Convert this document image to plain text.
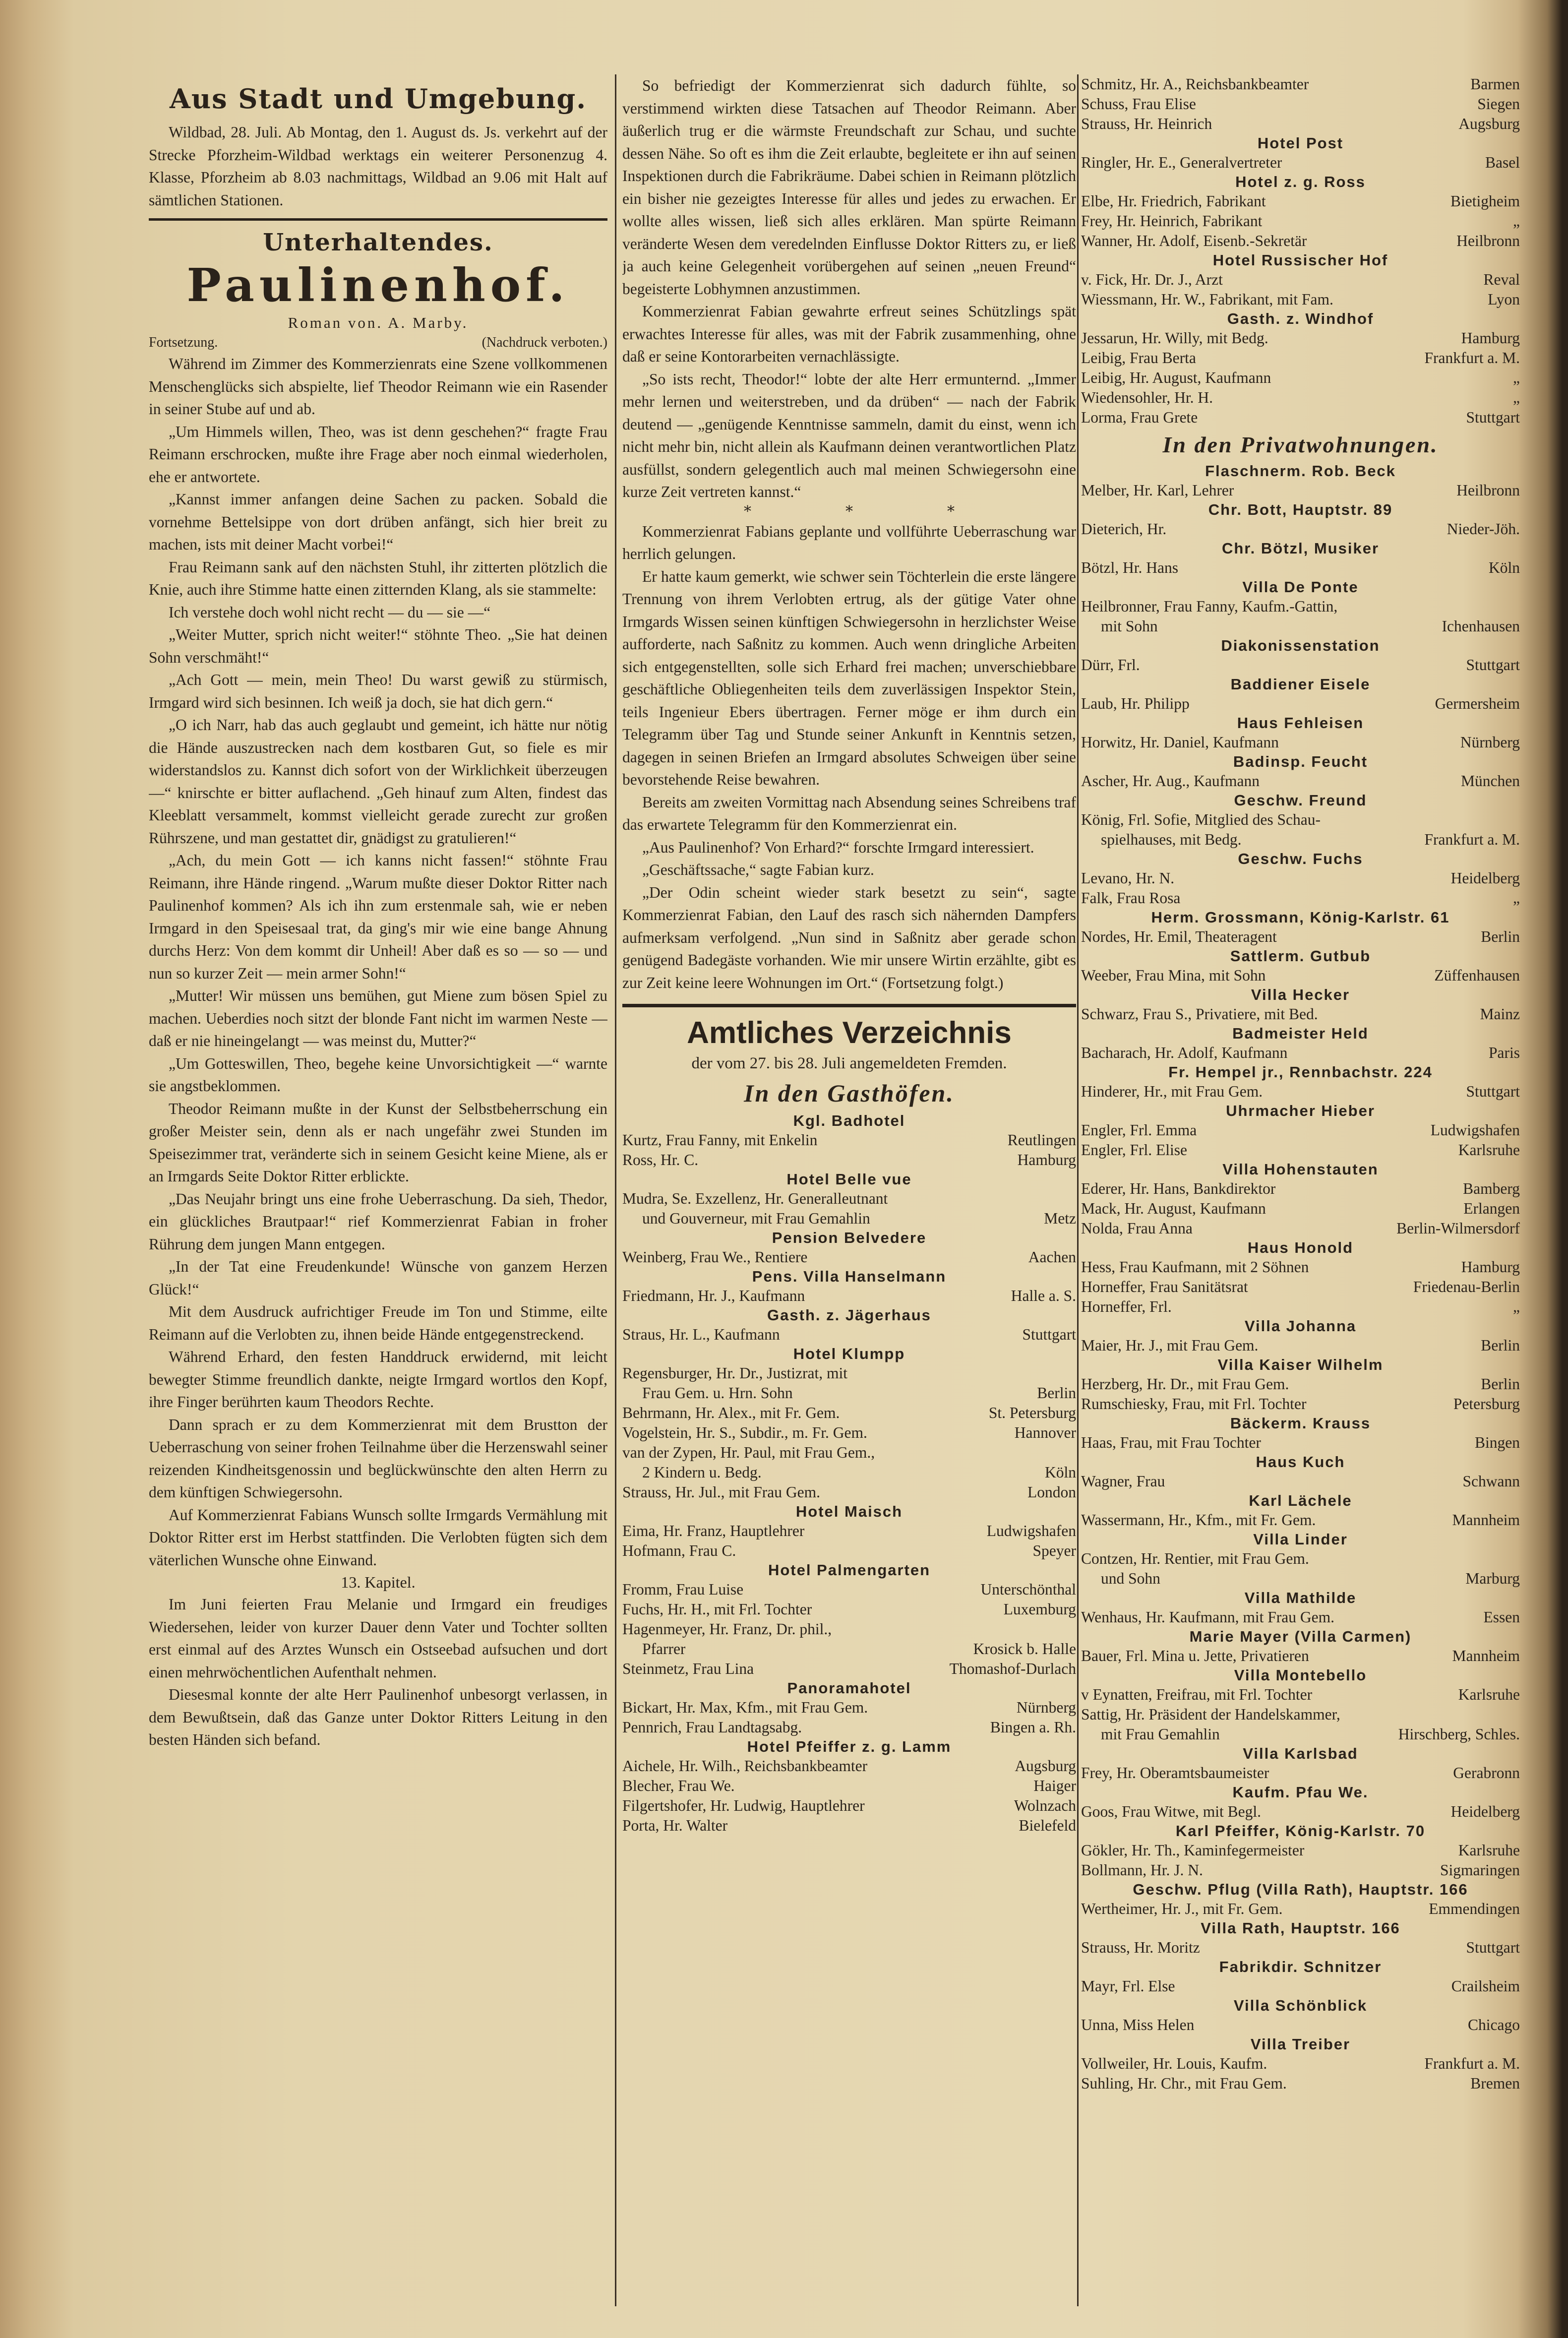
Aus Stadt und Umgebung.

Wildbad, 28. Juli. Ab Montag, den 1. August ds. Js. verkehrt auf der Strecke Pforzheim-Wildbad werktags ein weiterer Personenzug 4. Klasse, Pforzheim ab 8.03 nachmittags, Wildbad an 9.06 mit Halt auf sämtlichen Stationen.

Unterhaltendes.
Paulinenhof.
Roman von. A. Marby.
Fortsetzung.	(Nachdruck verboten.)

Während im Zimmer des Kommerzienrats eine Szene vollkommenen Menschenglücks sich abspielte, lief Theodor Reimann wie ein Rasender in seiner Stube auf und ab.

„Um Himmels willen, Theo, was ist denn geschehen?“ fragte Frau Reimann erschrocken, mußte ihre Frage aber noch einmal wiederholen, ehe er antwortete.

„Kannst immer anfangen deine Sachen zu packen. Sobald die vornehme Bettelsippe von dort drüben anfängt, sich hier breit zu machen, ists mit deiner Macht vorbei!“

Frau Reimann sank auf den nächsten Stuhl, ihr zitterten plötzlich die Knie, auch ihre Stimme hatte einen zitternden Klang, als sie stammelte:

Ich verstehe doch wohl nicht recht — du — sie —“

„Weiter Mutter, sprich nicht weiter!“ stöhnte Theo. „Sie hat deinen Sohn verschmäht!“

„Ach Gott — mein, mein Theo! Du warst gewiß zu stürmisch, Irmgard wird sich besinnen. Ich weiß ja doch, sie hat dich gern.“

„O ich Narr, hab das auch geglaubt und gemeint, ich hätte nur nötig die Hände auszustrecken nach dem kostbaren Gut, so fiele es mir widerstandslos zu. Kannst dich sofort von der Wirklichkeit überzeugen —“ knirschte er bitter auflachend. „Geh hinauf zum Alten, findest das Kleeblatt versammelt, kommst vielleicht gerade zurecht zur großen Rührszene, und man gestattet dir, gnädigst zu gratulieren!“

„Ach, du mein Gott — ich kanns nicht fassen!“ stöhnte Frau Reimann, ihre Hände ringend. „Warum mußte dieser Doktor Ritter nach Paulinenhof kommen? Als ich ihn zum erstenmale sah, wie er neben Irmgard in den Speisesaal trat, da ging's mir wie eine bange Ahnung durchs Herz: Von dem kommt dir Unheil! Aber daß es so — so — und nun so kurzer Zeit — mein armer Sohn!“

„Mutter! Wir müssen uns bemühen, gut Miene zum bösen Spiel zu machen. Ueberdies noch sitzt der blonde Fant nicht im warmen Neste — daß er nie hineingelangt — was meinst du, Mutter?“

„Um Gotteswillen, Theo, begehe keine Unvorsichtigkeit —“ warnte sie angstbeklommen.

Theodor Reimann mußte in der Kunst der Selbstbeherrschung ein großer Meister sein, denn als er nach ungefähr zwei Stunden im Speisezimmer trat, veränderte sich in seinem Gesicht keine Miene, als er an Irmgards Seite Doktor Ritter erblickte.

„Das Neujahr bringt uns eine frohe Ueberraschung. Da sieh, Thedor, ein glückliches Brautpaar!“ rief Kommerzienrat Fabian in froher Rührung dem jungen Mann entgegen.

„In der Tat eine Freudenkunde! Wünsche von ganzem Herzen Glück!“

Mit dem Ausdruck aufrichtiger Freude im Ton und Stimme, eilte Reimann auf die Verlobten zu, ihnen beide Hände entgegenstreckend.

Während Erhard, den festen Handdruck erwidernd, mit leicht bewegter Stimme freundlich dankte, neigte Irmgard wortlos den Kopf, ihre Finger berührten kaum Theodors Rechte.

Dann sprach er zu dem Kommerzienrat mit dem Brustton der Ueberraschung von seiner frohen Teilnahme über die Herzenswahl seiner reizenden Kindheitsgenossin und beglückwünschte den alten Herrn zu dem künftigen Schwiegersohn.

Auf Kommerzienrat Fabians Wunsch sollte Irmgards Vermählung mit Doktor Ritter erst im Herbst stattfinden. Die Verlobten fügten sich dem väterlichen Wunsche ohne Einwand.

13. Kapitel.

Im Juni feierten Frau Melanie und Irmgard ein freudiges Wiedersehen, leider von kurzer Dauer denn Vater und Tochter sollten erst einmal auf des Arztes Wunsch ein Ostseebad aufsuchen und dort einen mehrwöchentlichen Aufenthalt nehmen.

Diesesmal konnte der alte Herr Paulinenhof unbesorgt verlassen, in dem Bewußtsein, daß das Ganze unter Doktor Ritters Leitung in den besten Händen sich befand.

So befriedigt der Kommerzienrat sich dadurch fühlte, so verstimmend wirkten diese Tatsachen auf Theodor Reimann. Aber äußerlich trug er die wärmste Freundschaft zur Schau, und suchte dessen Nähe. So oft es ihm die Zeit erlaubte, begleitete er ihn auf seinen Inspektionen durch die Fabrikräume. Dabei schien in Reimann plötzlich ein bisher nie gezeigtes Interesse für alles und jedes zu erwachen. Er wollte alles wissen, ließ sich alles erklären. Man spürte Reimann veränderte Wesen dem veredelnden Einflusse Doktor Ritters zu, er ließ ja auch keine Gelegenheit vorübergehen auf seinen „neuen Freund“ begeisterte Lobhymnen anzustimmen.

Kommerzienrat Fabian gewahrte erfreut seines Schützlings spät erwachtes Interesse für alles, was mit der Fabrik zusammenhing, ohne daß er seine Kontorarbeiten vernachlässigte.

„So ists recht, Theodor!“ lobte der alte Herr ermunternd. „Immer mehr lernen und weiterstreben, und da drüben“ — nach der Fabrik deutend — „genügende Kenntnisse sammeln, damit du einst, wenn ich nicht mehr bin, nicht allein als Kaufmann deinen verantwortlichen Platz ausfüllst, sondern gelegentlich auch mal meinen Schwiegersohn eine kurze Zeit vertreten kannst.“

*	*	*

Kommerzienrat Fabians geplante und vollführte Ueberraschung war herrlich gelungen.

Er hatte kaum gemerkt, wie schwer sein Töchterlein die erste längere Trennung von ihrem Verlobten ertrug, als der gütige Vater ohne Irmgards Wissen seinen künftigen Schwiegersohn in herzlichster Weise aufforderte, nach Saßnitz zu kommen. Auch wenn dringliche Arbeiten sich entgegenstellten, solle sich Erhard frei machen; unverschiebbare geschäftliche Obliegenheiten teils dem zuverlässigen Inspektor Stein, teils Ingenieur Ebers übertragen. Ferner möge er ihm durch ein Telegramm über Tag und Stunde seiner Ankunft in Kenntnis setzen, dagegen in seinen Briefen an Irmgard absolutes Schweigen über seine bevorstehende Reise bewahren.

Bereits am zweiten Vormittag nach Absendung seines Schreibens traf das erwartete Telegramm für den Kommerzienrat ein.

„Aus Paulinenhof? Von Erhard?“ forschte Irmgard interessiert.

„Geschäftssache,“ sagte Fabian kurz.

„Der Odin scheint wieder stark besetzt zu sein“, sagte Kommerzienrat Fabian, den Lauf des rasch sich nähernden Dampfers aufmerksam verfolgend. „Nun sind in Saßnitz aber gerade schon genügend Badegäste vorhanden. Wie mir unsere Wirtin erzählte, gibt es zur Zeit keine leere Wohnungen im Ort.“ (Fortsetzung folgt.)

Amtliches Verzeichnis
der vom 27. bis 28. Juli angemeldeten Fremden.
In den Gasthöfen.
Kgl. Badhotel
Kurtz, Frau Fanny, mit Enkelin	Reutlingen
Ross, Hr. C.	Hamburg
Hotel Belle vue
Mudra, Se. Exzellenz, Hr. Generalleutnant
und Gouverneur, mit Frau Gemahlin	Metz
Pension Belvedere
Weinberg, Frau We., Rentiere	Aachen
Pens. Villa Hanselmann
Friedmann, Hr. J., Kaufmann	Halle a. S.
Gasth. z. Jägerhaus
Straus, Hr. L., Kaufmann	Stuttgart
Hotel Klumpp
Regensburger, Hr. Dr., Justizrat, mit
Frau Gem. u. Hrn. Sohn	Berlin
Behrmann, Hr. Alex., mit Fr. Gem.	St. Petersburg
Vogelstein, Hr. S., Subdir., m. Fr. Gem.	Hannover
van der Zypen, Hr. Paul, mit Frau Gem.,
2 Kindern u. Bedg.	Köln
Strauss, Hr. Jul., mit Frau Gem.	London
Hotel Maisch
Eima, Hr. Franz, Hauptlehrer	Ludwigshafen
Hofmann, Frau C.	Speyer
Hotel Palmengarten
Fromm, Frau Luise	Unterschönthal
Fuchs, Hr. H., mit Frl. Tochter	Luxemburg
Hagenmeyer, Hr. Franz, Dr. phil.,
Pfarrer	Krosick b. Halle
Steinmetz, Frau Lina	Thomashof-Durlach
Panoramahotel
Bickart, Hr. Max, Kfm., mit Frau Gem.	Nürnberg
Pennrich, Frau Landtagsabg.	Bingen a. Rh.
Hotel Pfeiffer z. g. Lamm
Aichele, Hr. Wilh., Reichsbankbeamter	Augsburg
Blecher, Frau We.	Haiger
Filgertshofer, Hr. Ludwig, Hauptlehrer	Wolnzach
Porta, Hr. Walter	Bielefeld
Schmitz, Hr. A., Reichsbankbeamter	Barmen
Schuss, Frau Elise	Siegen
Strauss, Hr. Heinrich	Augsburg
Hotel Post
Ringler, Hr. E., Generalvertreter	Basel
Hotel z. g. Ross
Elbe, Hr. Friedrich, Fabrikant	Bietigheim
Frey, Hr. Heinrich, Fabrikant	„
Wanner, Hr. Adolf, Eisenb.-Sekretär	Heilbronn
Hotel Russischer Hof
v. Fick, Hr. Dr. J., Arzt	Reval
Wiessmann, Hr. W., Fabrikant, mit Fam.	Lyon
Gasth. z. Windhof
Jessarun, Hr. Willy, mit Bedg.	Hamburg
Leibig, Frau Berta	Frankfurt a. M.
Leibig, Hr. August, Kaufmann	„
Wiedensohler, Hr. H.	„
Lorma, Frau Grete	Stuttgart
In den Privatwohnungen.
Flaschnerm. Rob. Beck
Melber, Hr. Karl, Lehrer	Heilbronn
Chr. Bott, Hauptstr. 89
Dieterich, Hr.	Nieder-Jöh.
Chr. Bötzl, Musiker
Bötzl, Hr. Hans	Köln
Villa De Ponte
Heilbronner, Frau Fanny, Kaufm.-Gattin,
mit Sohn	Ichenhausen
Diakonissenstation
Dürr, Frl.	Stuttgart
Baddiener Eisele
Laub, Hr. Philipp	Germersheim
Haus Fehleisen
Horwitz, Hr. Daniel, Kaufmann	Nürnberg
Badinsp. Feucht
Ascher, Hr. Aug., Kaufmann	München
Geschw. Freund
König, Frl. Sofie, Mitglied des Schau-
spielhauses, mit Bedg.	Frankfurt a. M.
Geschw. Fuchs
Levano, Hr. N.	Heidelberg
Falk, Frau Rosa	„
Herm. Grossmann, König-Karlstr. 61
Nordes, Hr. Emil, Theateragent	Berlin
Sattlerm. Gutbub
Weeber, Frau Mina, mit Sohn	Züffenhausen
Villa Hecker
Schwarz, Frau S., Privatiere, mit Bed.	Mainz
Badmeister Held
Bacharach, Hr. Adolf, Kaufmann	Paris
Fr. Hempel jr., Rennbachstr. 224
Hinderer, Hr., mit Frau Gem.	Stuttgart
Uhrmacher Hieber
Engler, Frl. Emma	Ludwigshafen
Engler, Frl. Elise	Karlsruhe
Villa Hohenstauten
Ederer, Hr. Hans, Bankdirektor	Bamberg
Mack, Hr. August, Kaufmann	Erlangen
Nolda, Frau Anna	Berlin-Wilmersdorf
Haus Honold
Hess, Frau Kaufmann, mit 2 Söhnen	Hamburg
Horneffer, Frau Sanitätsrat	Friedenau-Berlin
Horneffer, Frl.	„
Villa Johanna
Maier, Hr. J., mit Frau Gem.	Berlin
Villa Kaiser Wilhelm
Herzberg, Hr. Dr., mit Frau Gem.	Berlin
Rumschiesky, Frau, mit Frl. Tochter	Petersburg
Bäckerm. Krauss
Haas, Frau, mit Frau Tochter	Bingen
Haus Kuch
Wagner, Frau	Schwann
Karl Lächele
Wassermann, Hr., Kfm., mit Fr. Gem.	Mannheim
Villa Linder
Contzen, Hr. Rentier, mit Frau Gem.
und Sohn	Marburg
Villa Mathilde
Wenhaus, Hr. Kaufmann, mit Frau Gem.	Essen
Marie Mayer (Villa Carmen)
Bauer, Frl. Mina u. Jette, Privatieren	Mannheim
Villa Montebello
v Eynatten, Freifrau, mit Frl. Tochter	Karlsruhe
Sattig, Hr. Präsident der Handelskammer,
mit Frau Gemahlin	Hirschberg, Schles.
Villa Karlsbad
Frey, Hr. Oberamtsbaumeister	Gerabronn
Kaufm. Pfau We.
Goos, Frau Witwe, mit Begl.	Heidelberg
Karl Pfeiffer, König-Karlstr. 70
Gökler, Hr. Th., Kaminfegermeister	Karlsruhe
Bollmann, Hr. J. N.	Sigmaringen
Geschw. Pflug (Villa Rath), Hauptstr. 166
Wertheimer, Hr. J., mit Fr. Gem.	Emmendingen
Villa Rath, Hauptstr. 166
Strauss, Hr. Moritz	Stuttgart
Fabrikdir. Schnitzer
Mayr, Frl. Else	Crailsheim
Villa Schönblick
Unna, Miss Helen	Chicago
Villa Treiber
Vollweiler, Hr. Louis, Kaufm.	Frankfurt a. M.
Suhling, Hr. Chr., mit Frau Gem.	Bremen
